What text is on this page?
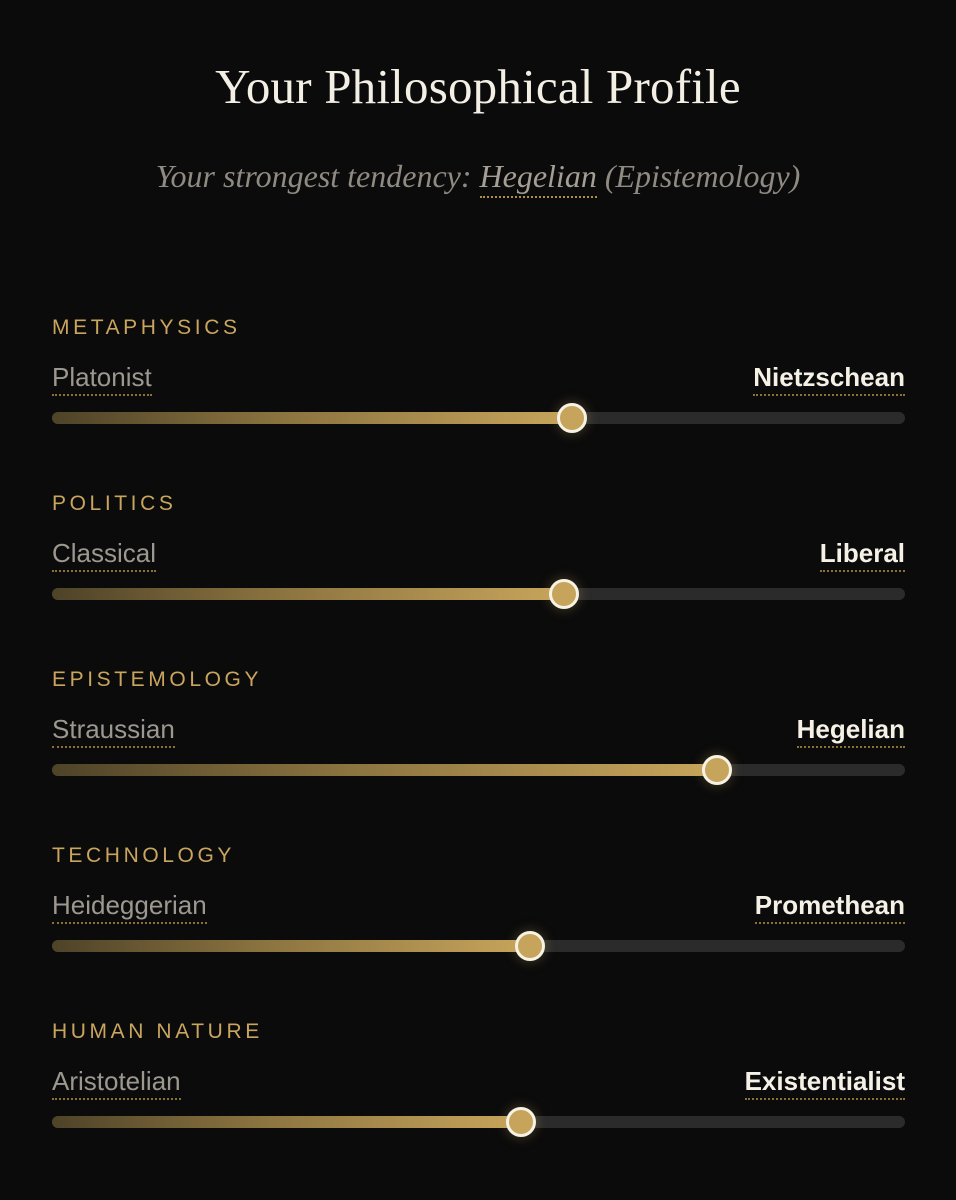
Your Philosophical Profile
Your strongest tendency: Hegelian (Epistemology)
METAPHYSICS
Platonist	Nietzschean
POLITICS
Classical	Liberal
EPISTEMOLOGY
Straussian	Hegelian
TECHNOLOGY
Heideggerian	Promethean
HUMAN NATURE
Aristotelian	Existentialist
